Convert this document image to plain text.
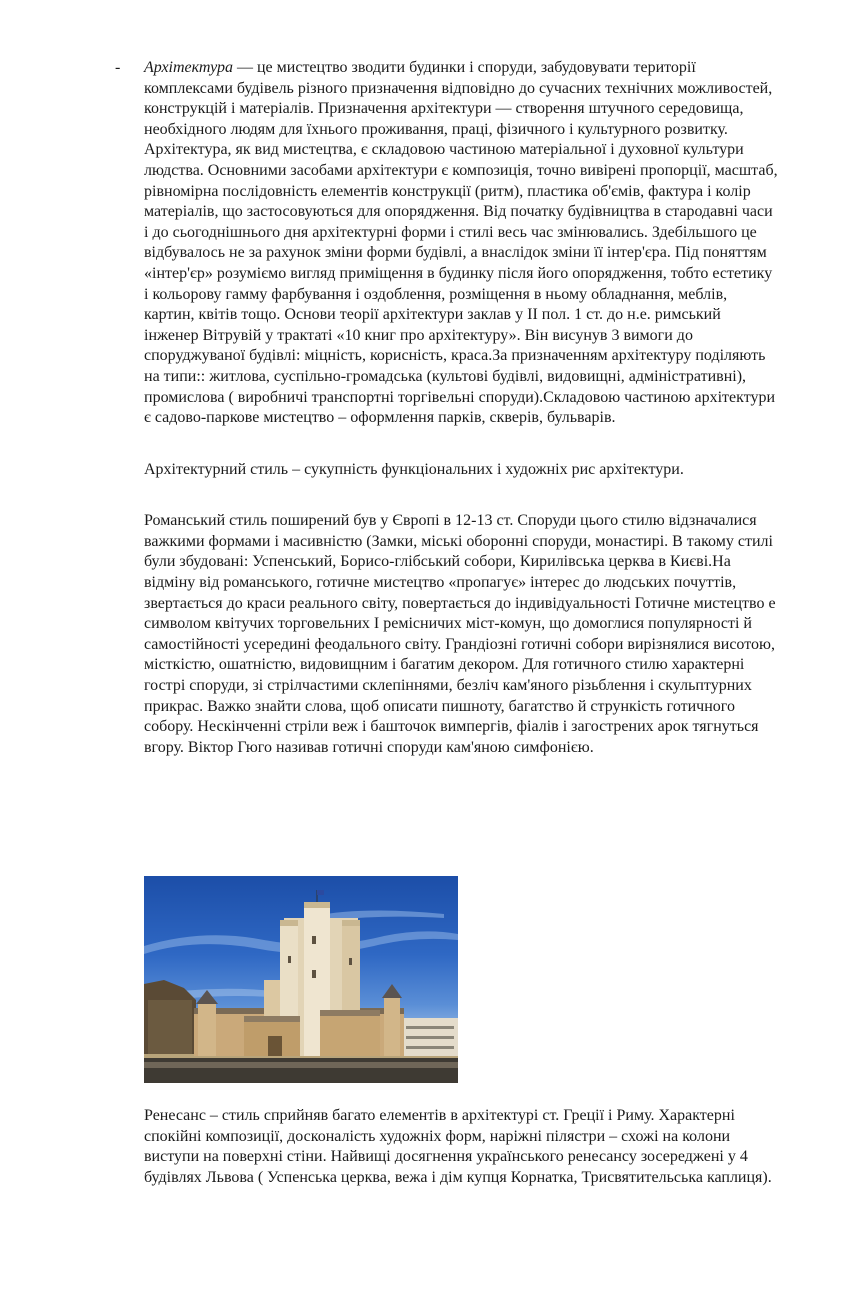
- Архітектура — це мистецтво зводити будинки і споруди, забудовувати території комплексами будівель різного призначення відповідно до сучасних технічних можливостей, конструкцій і матеріалів. Призначення архітектури — створення штучного середовища, необхідного людям для їхнього проживання, праці, фізичного і культурного розвитку. Архітектура, як вид мистецтва, є складовою частиною матеріальної і духовної культури людства. Основними засобами архітектури є композиція, точно вивірені пропорції, масштаб, рівномірна послідовність елементів конструкції (ритм), пластика об'ємів, фактура і колір матеріалів, що застосовуються для опорядження. Від початку будівництва в стародавні часи і до сьогоднішнього дня архітектурні форми і стилі весь час змінювались. Здебільшого це відбувалось не за рахунок зміни форми будівлі, а внаслідок зміни її інтер'єра. Під поняттям «інтер'єр» розуміємо вигляд приміщення в будинку після його опорядження, тобто естетику і кольорову гамму фарбування і оздоблення, розміщення в ньому обладнання, меблів, картин, квітів тощо. Основи теорії архітектури заклав у II пол. 1 ст. до н.е. римський інженер Вітрувій у трактаті «10 книг про архітектуру». Він висунув 3 вимоги до споруджуваної будівлі: міцність, корисність, краса.За призначенням архітектуру поділяють на типи:: житлова, суспільно-громадська (культові будівлі, видовищні, адміністративні), промислова ( виробничі транспортні торгівельні споруди).Складовою частиною архітектури є садово-паркове мистецтво – оформлення парків, скверів, бульварів.

Архітектурний стиль – сукупність функціональних і художніх рис архітектури.

Романський стиль поширений був у Європі в 12-13 ст. Споруди цього стилю відзначалися важкими формами і масивністю (Замки, міські оборонні споруди, монастирі. В такому стилі були збудовані: Успенський, Борисо-глібський собори, Кирилівська церква в Києві.На відміну від романського, готичне мистецтво «пропагує» інтерес до людських почуттів, звертається до краси реального світу, повертається до індивідуальності Готичне мистецтво е символом квітучих торговельних І ремісничих міст-комун, що домоглися популярності й самостійності усередині феодального світу. Грандіозні готичні собори вирізнялися висотою, місткістю, ошатністю, видовищним і багатим декором. Для готичного стилю характерні гострі споруди, зі стрілчастими склепіннями, безліч кам'яного різьблення і скульптурних прикрас. Важко знайти слова, щоб описати пишноту, багатство й стрункість готичного собору. Нескінченні стріли веж і башточок вимпергів, фіалів і загострених арок тягнуться вгору. Віктор Гюго називав готичні споруди кам'яною симфонією.

Ренесанс – стиль сприйняв багато елементів в архітектурі ст. Греції і Риму. Характерні спокійні композиції, досконалість художніх форм, наріжні пілястри – схожі на колони виступи на поверхні стіни. Найвищі досягнення українського ренесансу зосереджені у 4 будівлях Львова ( Успенська церква, вежа і дім купця Корнатка, Трисвятительська каплиця).
